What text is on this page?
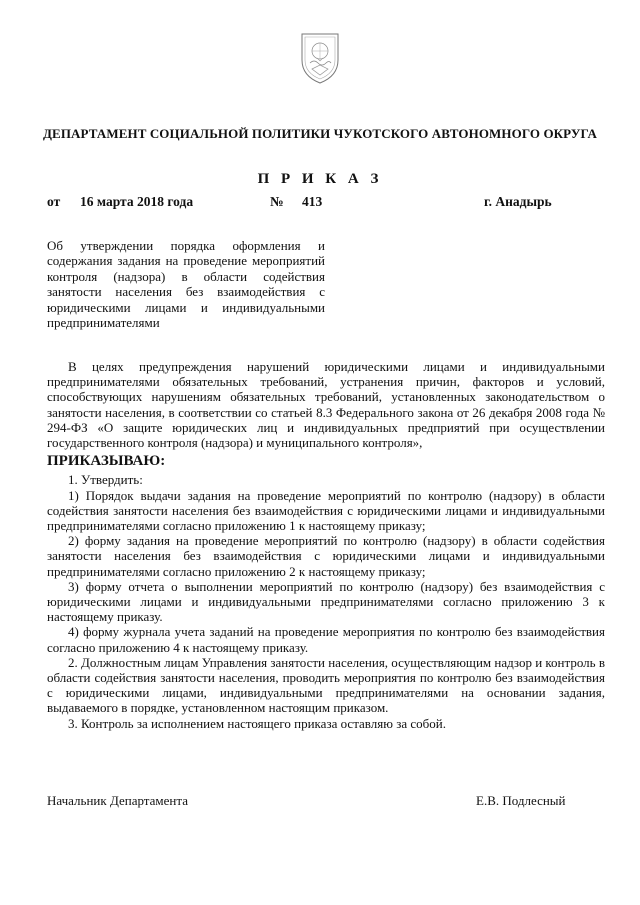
ДЕПАРТАМЕНТ СОЦИАЛЬНОЙ ПОЛИТИКИ ЧУКОТСКОГО АВТОНОМНОГО ОКРУГА
П Р И К А З
от 16 марта 2018 года	№ 413	г. Анадырь
Об утверждении порядка оформления и содержания задания на проведение мероприятий контроля (надзора) в области содействия занятости населения без взаимодействия с юридическими лицами и индивидуальными предпринимателями

В целях предупреждения нарушений юридическими лицами и индивидуальными предпринимателями обязательных требований, устранения причин, факторов и условий, способствующих нарушениям обязательных требований, установленных законодательством о занятости населения, в соответствии со статьей 8.3 Федерального закона от 26 декабря 2008 года № 294-ФЗ «О защите юридических лиц и индивидуальных предприятий при осуществлении государственного контроля (надзора) и муниципального контроля»,

ПРИКАЗЫВАЮ:

1. Утвердить:

1) Порядок выдачи задания на проведение мероприятий по контролю (надзору) в области содействия занятости населения без взаимодействия с юридическими лицами и индивидуальными предпринимателями согласно приложению 1 к настоящему приказу;

2) форму задания на проведение мероприятий по контролю (надзору) в области содействия занятости населения без взаимодействия с юридическими лицами и индивидуальными предпринимателями согласно приложению 2 к настоящему приказу;

3) форму отчета о выполнении мероприятий по контролю (надзору) без взаимодействия с юридическими лицами и индивидуальными предпринимателями согласно приложению 3 к настоящему приказу.

4) форму журнала учета заданий на проведение мероприятия по контролю без взаимодействия согласно приложению 4 к настоящему приказу.

2. Должностным лицам Управления занятости населения, осуществляющим надзор и контроль в области содействия занятости населения, проводить мероприятия по контролю без взаимодействия с юридическими лицами, индивидуальными предпринимателями на основании задания, выдаваемого в порядке, установленном настоящим приказом.

3. Контроль за исполнением настоящего приказа оставляю за собой.

Начальник Департамента	Е.В. Подлесный
